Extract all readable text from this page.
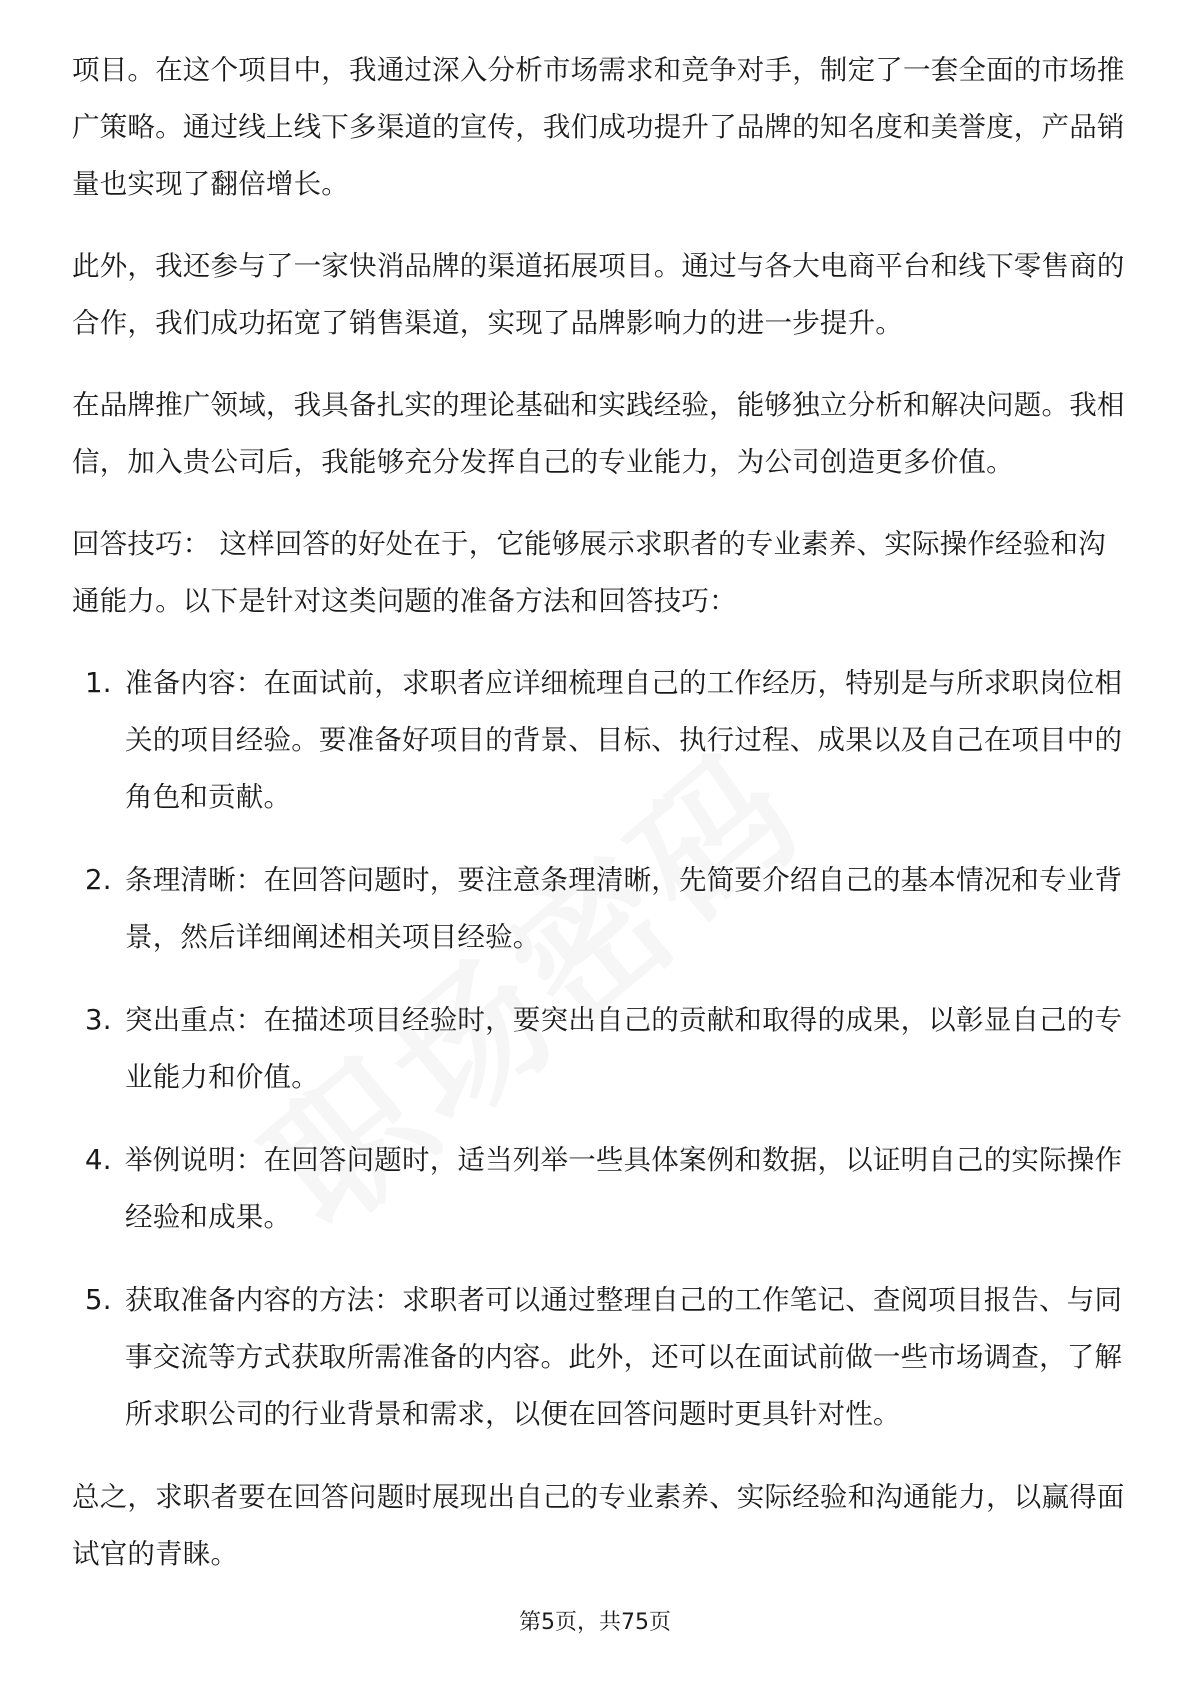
项目。在这个项目中，我通过深入分析市场需求和竞争对手，制定了一套全面的市场推广策略。通过线上线下多渠道的宣传，我们成功提升了品牌的知名度和美誉度，产品销量也实现了翻倍增长。

此外，我还参与了一家快消品牌的渠道拓展项目。通过与各大电商平台和线下零售商的合作，我们成功拓宽了销售渠道，实现了品牌影响力的进一步提升。

在品牌推广领域，我具备扎实的理论基础和实践经验，能够独立分析和解决问题。我相信，加入贵公司后，我能够充分发挥自己的专业能力，为公司创造更多价值。

回答技巧： 这样回答的好处在于，它能够展示求职者的专业素养、实际操作经验和沟通能力。以下是针对这类问题的准备方法和回答技巧：

1. 准备内容：在面试前，求职者应详细梳理自己的工作经历，特别是与所求职岗位相关的项目经验。要准备好项目的背景、目标、执行过程、成果以及自己在项目中的角色和贡献。
2. 条理清晰：在回答问题时，要注意条理清晰，先简要介绍自己的基本情况和专业背景，然后详细阐述相关项目经验。
3. 突出重点：在描述项目经验时，要突出自己的贡献和取得的成果，以彰显自己的专业能力和价值。
4. 举例说明：在回答问题时，适当列举一些具体案例和数据，以证明自己的实际操作经验和成果。
5. 获取准备内容的方法：求职者可以通过整理自己的工作笔记、查阅项目报告、与同事交流等方式获取所需准备的内容。此外，还可以在面试前做一些市场调查，了解所求职公司的行业背景和需求，以便在回答问题时更具针对性。

总之，求职者要在回答问题时展现出自己的专业素养、实际经验和沟通能力，以赢得面试官的青睐。

第5页，共75页
